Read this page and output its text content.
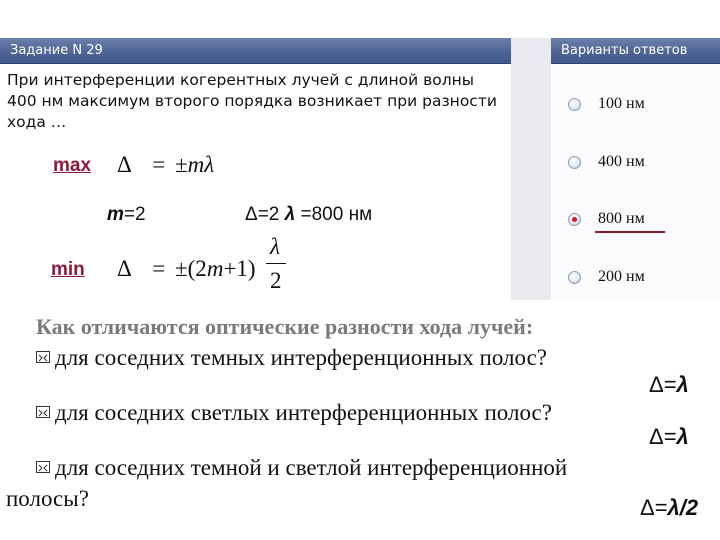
Задание N 29	Варианты ответов
При интерференции когерентных лучей с длиной волны 400 нм максимум второго порядка возникает при разности хода …
100 нм
400 нм
800 нм
200 нм
max Δ = ±mλ
m=2	Δ=2 λ =800 нм
min Δ = ±(2m+1)
λ
2
Как отличаются оптические разности хода лучей:
для соседних темных интерференционных полос?
Δ=λ
для соседних светлых интерференционных полос?
Δ=λ
для соседних темной и светлой интерференционной
полосы?	Δ=λ/2
